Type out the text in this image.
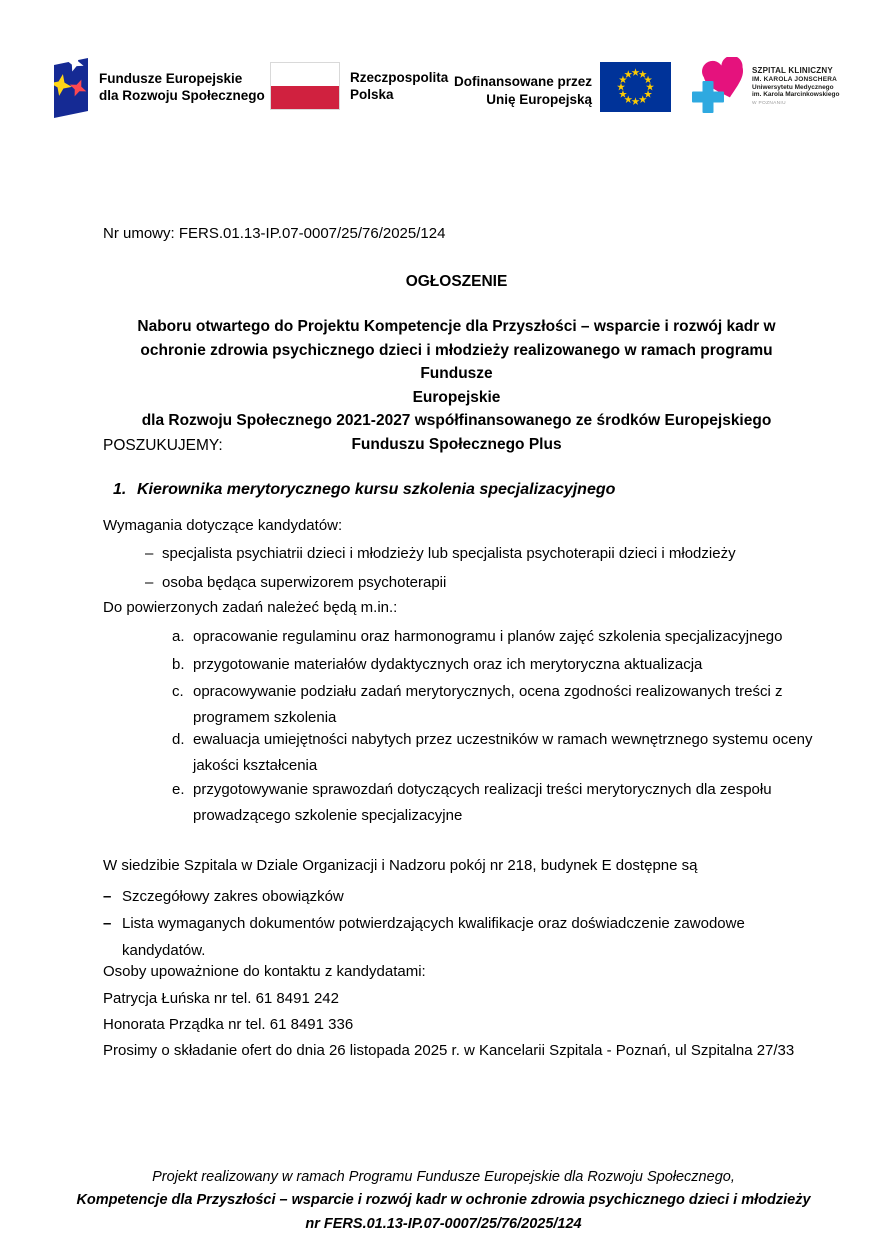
Fundusze Europejskie
dla Rozwoju Społecznego
Rzeczpospolita
Polska
Dofinansowane przez
Unię Europejską
SZPITAL KLINICZNY
IM. KAROLA JONSCHERA
Uniwersytetu Medycznego
im. Karola Marcinkowskiego
W POZNANIU
Nr umowy: FERS.01.13-IP.07-0007/25/76/2025/124
OGŁOSZENIE
Naboru otwartego do Projektu Kompetencje dla Przyszłości – wsparcie i rozwój kadr w
ochronie zdrowia psychicznego dzieci i młodzieży realizowanego w ramach programu Fundusze
Europejskie
dla Rozwoju Społecznego 2021-2027 współfinansowanego ze środków Europejskiego
Funduszu Społecznego Plus
POSZUKUJEMY:
1. Kierownika merytorycznego kursu szkolenia specjalizacyjnego
Wymagania dotyczące kandydatów:
– specjalista psychiatrii dzieci i młodzieży lub specjalista psychoterapii dzieci i młodzieży
– osoba będąca superwizorem psychoterapii
Do powierzonych zadań należeć będą m.in.:
a. opracowanie regulaminu oraz harmonogramu i planów zajęć szkolenia specjalizacyjnego
b. przygotowanie materiałów dydaktycznych oraz ich merytoryczna aktualizacja
c. opracowywanie podziału zadań merytorycznych, ocena zgodności realizowanych treści z programem szkolenia
d. ewaluacja umiejętności nabytych przez uczestników w ramach wewnętrznego systemu oceny jakości kształcenia
e. przygotowywanie sprawozdań dotyczących realizacji treści merytorycznych dla zespołu prowadzącego szkolenie specjalizacyjne
W siedzibie Szpitala w Dziale Organizacji i Nadzoru pokój nr 218, budynek E dostępne są
– Szczegółowy zakres obowiązków
– Lista wymaganych dokumentów potwierdzających kwalifikacje oraz doświadczenie zawodowe kandydatów.
Osoby upoważnione do kontaktu z kandydatami:
Patrycja Łuńska nr tel. 61 8491 242
Honorata Prządka nr tel. 61 8491 336
Prosimy o składanie ofert do dnia 26 listopada 2025 r. w Kancelarii Szpitala - Poznań, ul Szpitalna 27/33
Projekt realizowany w ramach Programu Fundusze Europejskie dla Rozwoju Społecznego,
Kompetencje dla Przyszłości – wsparcie i rozwój kadr w ochronie zdrowia psychicznego dzieci i młodzieży
nr FERS.01.13-IP.07-0007/25/76/2025/124
